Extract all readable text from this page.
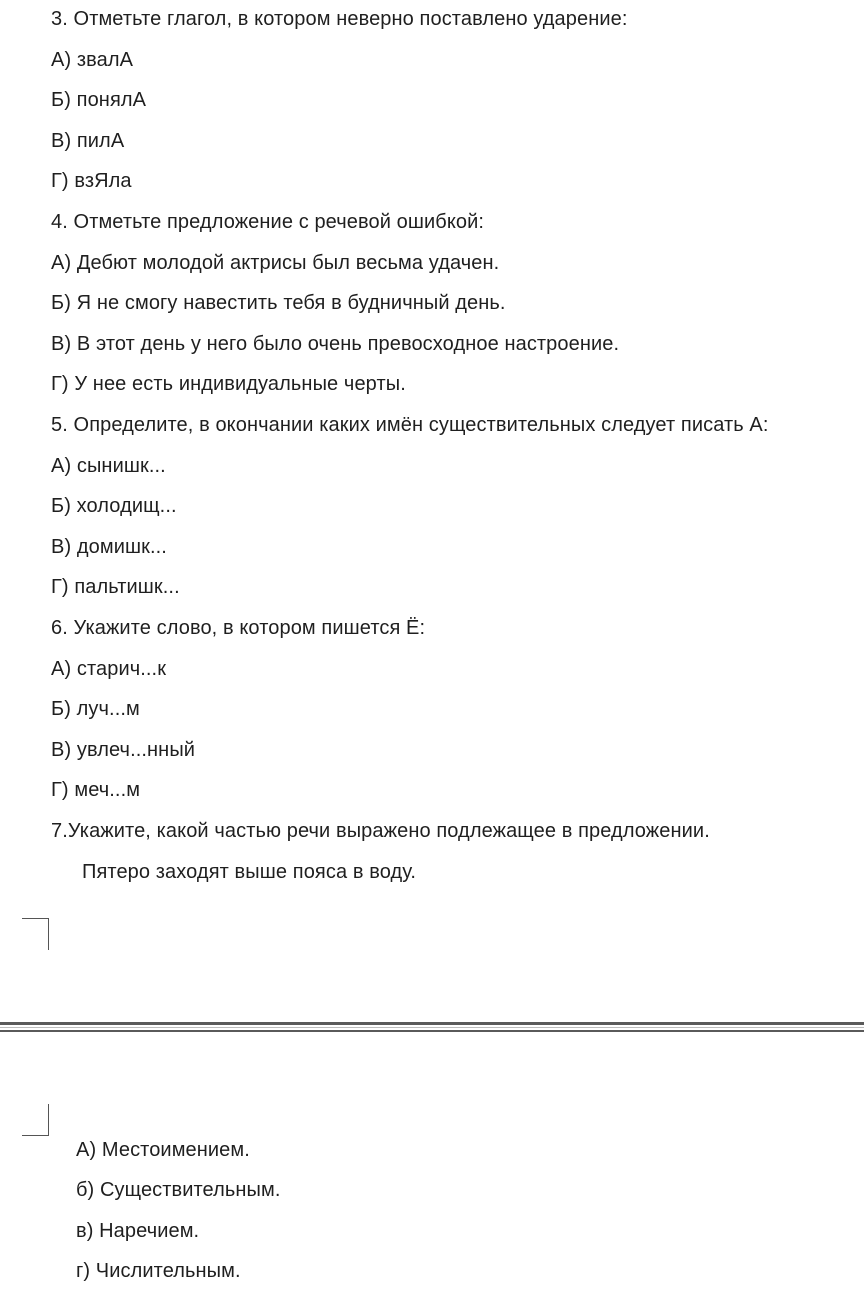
3. Отметьте глагол, в котором неверно поставлено ударение:
А) звалА
Б) понялА
В) пилА
Г) взЯла
4. Отметьте предложение с речевой ошибкой:
А) Дебют молодой актрисы был весьма удачен.
Б) Я не смогу навестить тебя в будничный день.
В) В этот день у него было очень превосходное настроение.
Г) У нее есть индивидуальные черты.
5. Определите, в окончании каких имён существительных следует писать А:
А) сынишк...
Б) холодищ...
В) домишк...
Г) пальтишк...
6. Укажите слово, в котором пишется Ё:
А) старич...к
Б) луч...м
В) увлеч...нный
Г) меч...м
7.Укажите, какой частью речи выражено подлежащее в предложении.
Пятеро заходят выше пояса в воду.
А) Местоимением.
б) Существительным.
в) Наречием.
г) Числительным.
